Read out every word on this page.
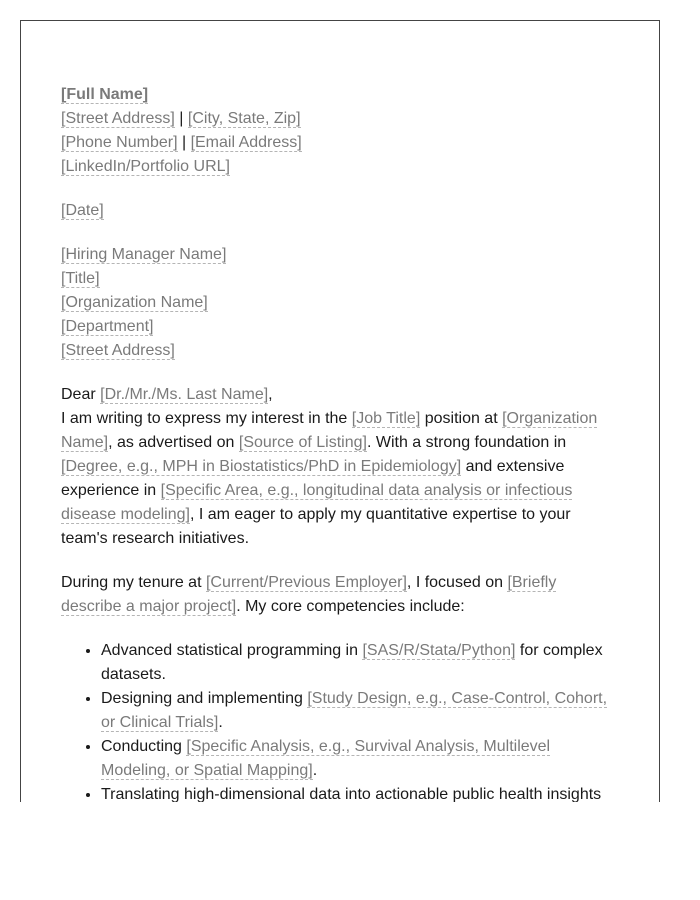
[Full Name]
[Street Address] | [City, State, Zip]
[Phone Number] | [Email Address]
[LinkedIn/Portfolio URL]
[Date]
[Hiring Manager Name]
[Title]
[Organization Name]
[Department]
[Street Address]

Dear [Dr./Mr./Ms. Last Name],
I am writing to express my interest in the [Job Title] position at [Organization Name], as advertised on [Source of Listing]. With a strong foundation in [Degree, e.g., MPH in Biostatistics/PhD in Epidemiology] and extensive experience in [Specific Area, e.g., longitudinal data analysis or infectious disease modeling], I am eager to apply my quantitative expertise to your team's research initiatives.

During my tenure at [Current/Previous Employer], I focused on [Briefly describe a major project]. My core competencies include:

• Advanced statistical programming in [SAS/R/Stata/Python] for complex datasets.
• Designing and implementing [Study Design, e.g., Case-Control, Cohort, or Clinical Trials].
• Conducting [Specific Analysis, e.g., Survival Analysis, Multilevel Modeling, or Spatial Mapping].
• Translating high-dimensional data into actionable public health insights
